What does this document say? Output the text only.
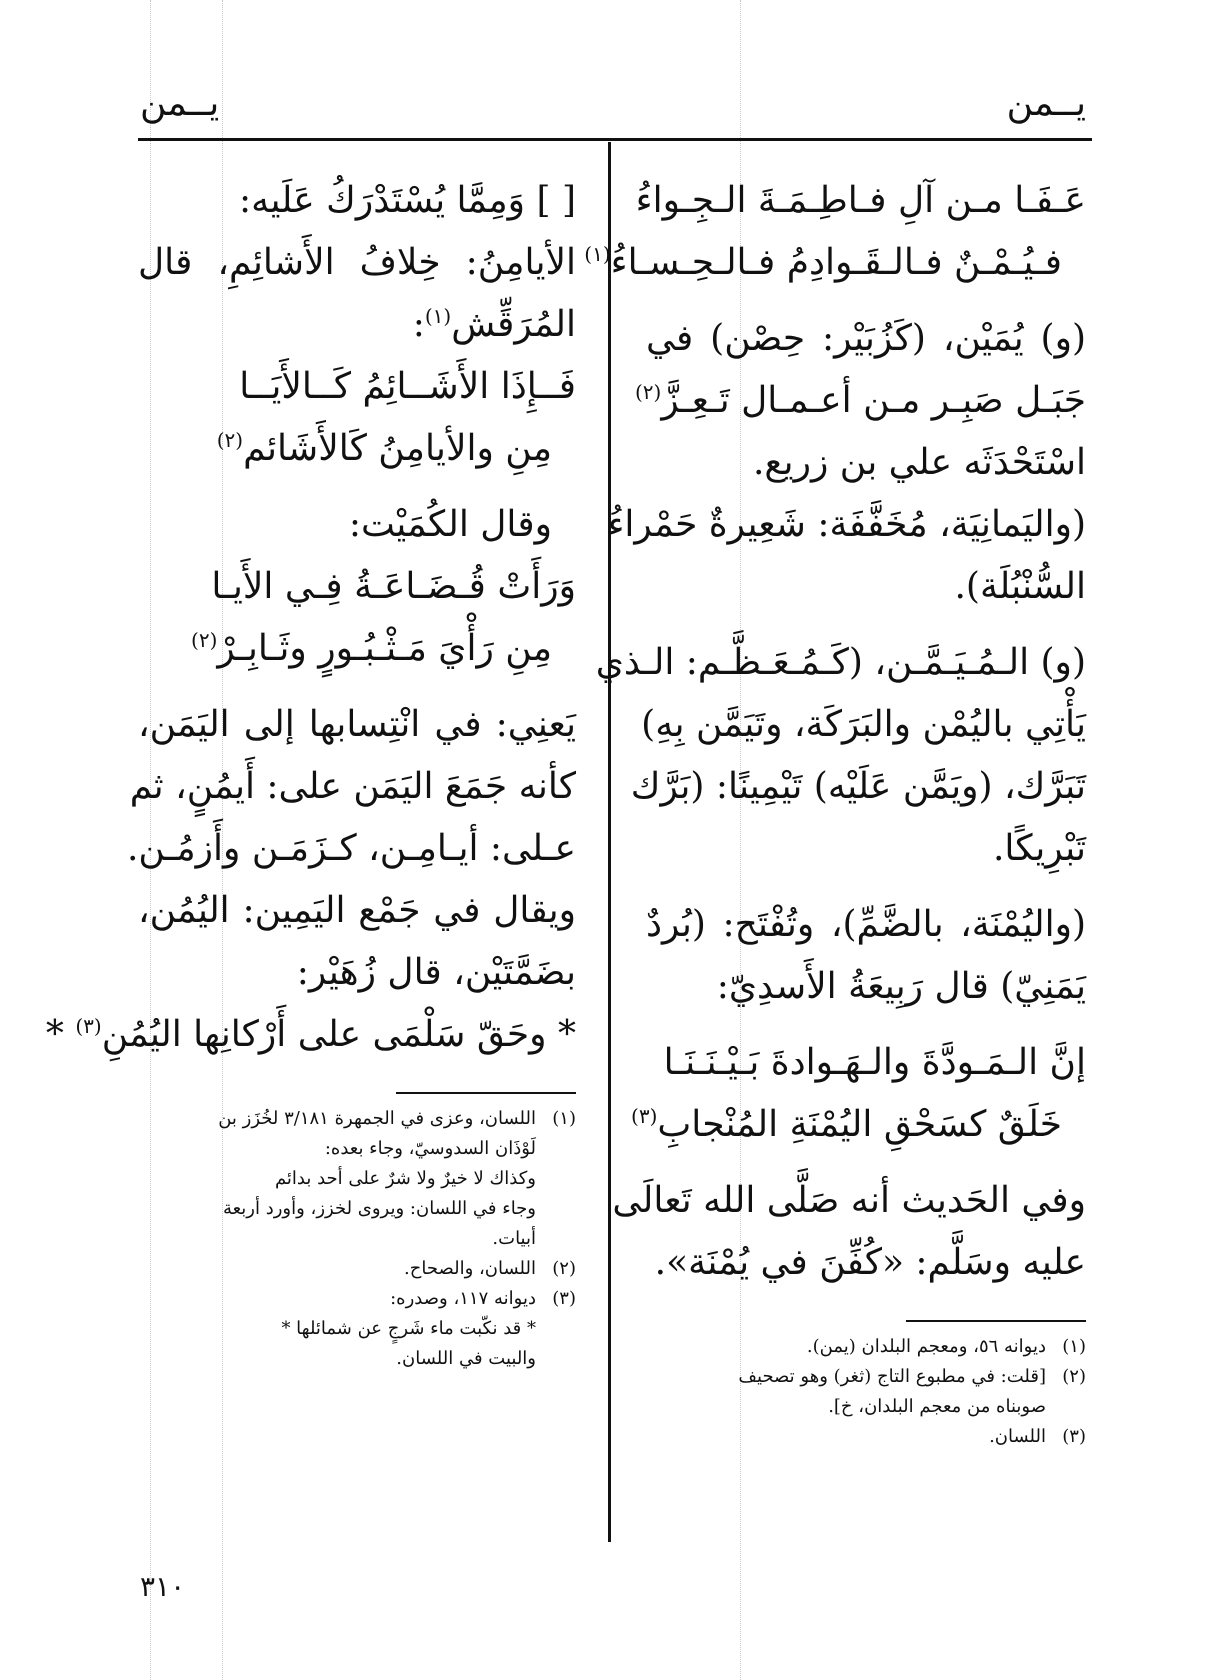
يــمن
يــمن
عَـفَـا مـن آلِ فـاطِـمَـةَ الـجِـواءُ
فـيُـمْـنٌ فـالـقَـوادِمُ فـالـحِـسـاءُ$^{(١)}$
(و) يُمَيْن، (كَزُبَيْر: حِصْن) في
جَبَـل صَبِـر مـن أعـمـال تَـعِـزَّ$^{(٢)}$
اسْتَحْدَثَه علي بن زريع.
(واليَمانِيَة، مُخَفَّفَة: شَعِيرةٌ حَمْراءُ
السُّنْبُلَة).
(و) الـمُـيَـمَّـن، (كَـمُـعَـظَّـم: الـذي
يَأْتِي باليُمْن والبَرَكَة، وتَيَمَّن بِهِ)
تَبَرَّك، (ويَمَّن عَلَيْه) تَيْمِينًا: (بَرَّك
تَبْرِيكًا.
(واليُمْنَة، بالضَّمِّ)، وتُفْتَح: (بُردٌ
يَمَنِيّ) قال رَبِيعَةُ الأَسدِيّ:
إنَّ الـمَـودَّةَ والـهَـوادةَ بَـيْـنَـنَـا
خَلَقٌ كسَحْقِ اليُمْنَةِ المُنْجابِ$^{(٣)}$
وفي الحَديث أنه صَلَّى الله تَعالَى
عليه وسَلَّم: «كُفِّنَ في يُمْنَة».
(١)ديوانه ٥٦، ومعجم البلدان (يمن).
(٢)[قلت: في مطبوع التاج (ثغر) وهو تصحيف
صوبناه من معجم البلدان، خ].
(٣)اللسان.
[ ] وَمِمَّا يُسْتَدْرَكُ عَلَيه:
الأيامِنُ: خِلافُ الأَشائِمِ، قال
المُرَقِّش$^{(١)}$:
فَــإِذَا الأَشَــائِمُ كَــالأَيَــا
مِنِ والأيامِنُ كَالأَشَائم$^{(٢)}$
وقال الكُمَيْت:
وَرَأَتْ قُـضَـاعَـةُ فِـي الأَيـا
مِنِ رَأْيَ مَـثْـبُـورٍ وثَـابِـرْ$^{(٢)}$
يَعنِي: في انْتِسابها إلى اليَمَن،
كأنه جَمَعَ اليَمَن على: أَيمُنٍ، ثم
عـلى: أيـامِـن، كـزَمَـن وأَزمُـن.
ويقال في جَمْع اليَمِين: اليُمُن،
بضَمَّتَيْن، قال زُهَيْر:
* وحَقّ سَلْمَى على أَرْكانِها اليُمُنِ$^{(٣)}$ *
(١)اللسان، وعزى في الجمهرة ٣/١٨١ لخُزَز بن
لَوْذَان السدوسيّ، وجاء بعده:
وكذاك لا خيرٌ ولا شرٌ على أحد بدائم
وجاء في اللسان: ويروى لخزز، وأورد أربعة
أبيات.
(٢)اللسان، والصحاح.
(٣)ديوانه ١١٧، وصدره:
* قد نكّبت ماء شَرجٍ عن شمائلها *
والبيت في اللسان.
٣١٠
